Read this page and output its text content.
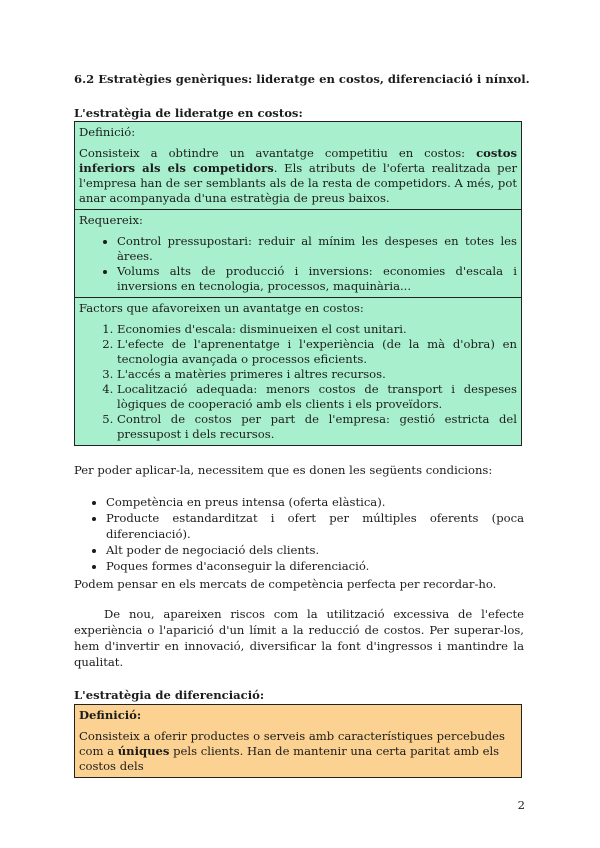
6.2 Estratègies genèriques: lideratge en costos, diferenciació i nínxol.
L'estratègia de lideratge en costos:

Definició:

Consisteix a obtindre un avantatge competitiu en costos: costos inferiors als els competidors. Els atributs de l'oferta realitzada per l'empresa han de ser semblants als de la resta de competidors. A més, pot anar acompanyada d'una estratègia de preus baixos.

Requereix:

• Control pressupostari: reduir al mínim les despeses en totes les àrees.
• Volums alts de producció i inversions: economies d'escala i inversions en tecnologia, processos, maquinària...

Factors que afavoreixen un avantatge en costos:

1. Economies d'escala: disminueixen el cost unitari.
2. L'efecte de l'aprenentatge i l'experiència (de la mà d'obra) en tecnologia avançada o processos eficients.
3. L'accés a matèries primeres i altres recursos.
4. Localització adequada: menors costos de transport i despeses lògiques de cooperació amb els clients i els proveïdors.
5. Control de costos per part de l'empresa: gestió estricta del pressupost i dels recursos.
Per poder aplicar-la, necessitem que es donen les següents condicions:
• Competència en preus intensa (oferta elàstica).
• Producte estandarditzat i ofert per múltiples oferents (poca diferenciació).
• Alt poder de negociació dels clients.
• Poques formes d'aconseguir la diferenciació.
Podem pensar en els mercats de competència perfecta per recordar-ho.
De nou, apareixen riscos com la utilització excessiva de l'efecte experiència o l'aparició d'un límit a la reducció de costos. Per superar-los, hem d'invertir en innovació, diversificar la font d'ingressos i mantindre la qualitat.
L'estratègia de diferenciació:

Definició:

Consisteix a oferir productes o serveis amb característiques percebudes com a úniques pels clients. Han de mantenir una certa paritat amb els costos dels

2
